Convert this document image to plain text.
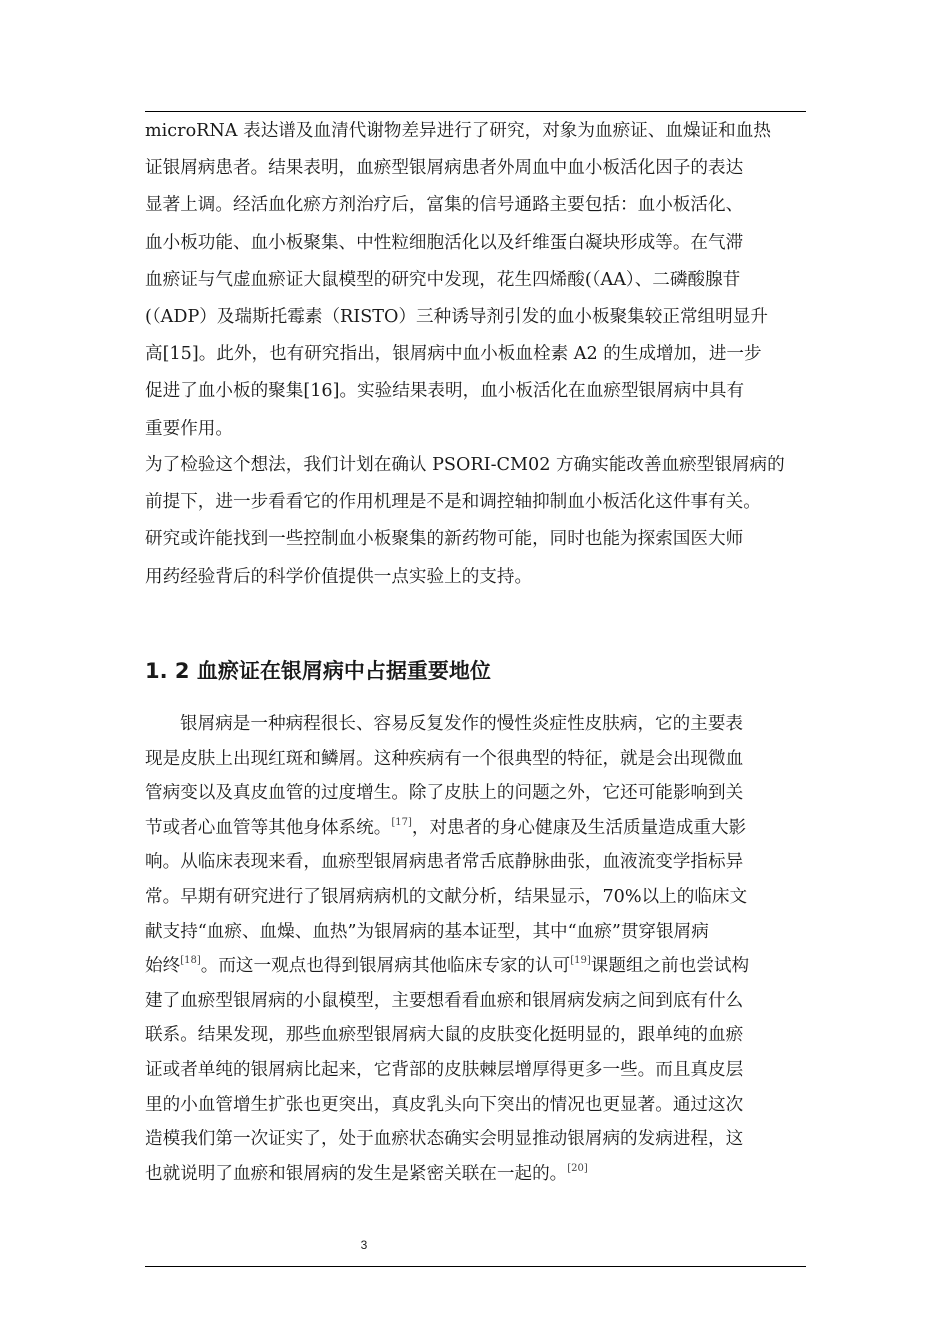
microRNA 表达谱及血清代谢物差异进行了研究，对象为血瘀证、血燥证和血热
证银屑病患者。结果表明，血瘀型银屑病患者外周血中血小板活化因子的表达
显著上调。经活血化瘀方剂治疗后，富集的信号通路主要包括：血小板活化、
血小板功能、血小板聚集、中性粒细胞活化以及纤维蛋白凝块形成等。在气滞
血瘀证与气虚血瘀证大鼠模型的研究中发现，花生四烯酸(（AA）、二磷酸腺苷
(（ADP）及瑞斯托霉素（RISTO）三种诱导剂引发的血小板聚集较正常组明显升
高[15]。此外，也有研究指出，银屑病中血小板血栓素 A2 的生成增加，进一步
促进了血小板的聚集[16]。实验结果表明，血小板活化在血瘀型银屑病中具有
重要作用。

为了检验这个想法，我们计划在确认 PSORI-CM02 方确实能改善血瘀型银屑病的
前提下，进一步看看它的作用机理是不是和调控轴抑制血小板活化这件事有关。
研究或许能找到一些控制血小板聚集的新药物可能，同时也能为探索国医大师
用药经验背后的科学价值提供一点实验上的支持。

1. 2 血瘀证在银屑病中占据重要地位

银屑病是一种病程很长、容易反复发作的慢性炎症性皮肤病，它的主要表
现是皮肤上出现红斑和鳞屑。这种疾病有一个很典型的特征，就是会出现微血
管病变以及真皮血管的过度增生。除了皮肤上的问题之外，它还可能影响到关
节或者心血管等其他身体系统。[17]，对患者的身心健康及生活质量造成重大影
响。从临床表现来看，血瘀型银屑病患者常舌底静脉曲张，血液流变学指标异
常。早期有研究进行了银屑病病机的文献分析，结果显示，70%以上的临床文
献支持“血瘀、血燥、血热”为银屑病的基本证型，其中“血瘀”贯穿银屑病
始终[18]。而这一观点也得到银屑病其他临床专家的认可[19]课题组之前也尝试构
建了血瘀型银屑病的小鼠模型，主要想看看血瘀和银屑病发病之间到底有什么
联系。结果发现，那些血瘀型银屑病大鼠的皮肤变化挺明显的，跟单纯的血瘀
证或者单纯的银屑病比起来，它背部的皮肤棘层增厚得更多一些。而且真皮层
里的小血管增生扩张也更突出，真皮乳头向下突出的情况也更显著。通过这次
造模我们第一次证实了，处于血瘀状态确实会明显推动银屑病的发病进程，这
也就说明了血瘀和银屑病的发生是紧密关联在一起的。[20]

3
